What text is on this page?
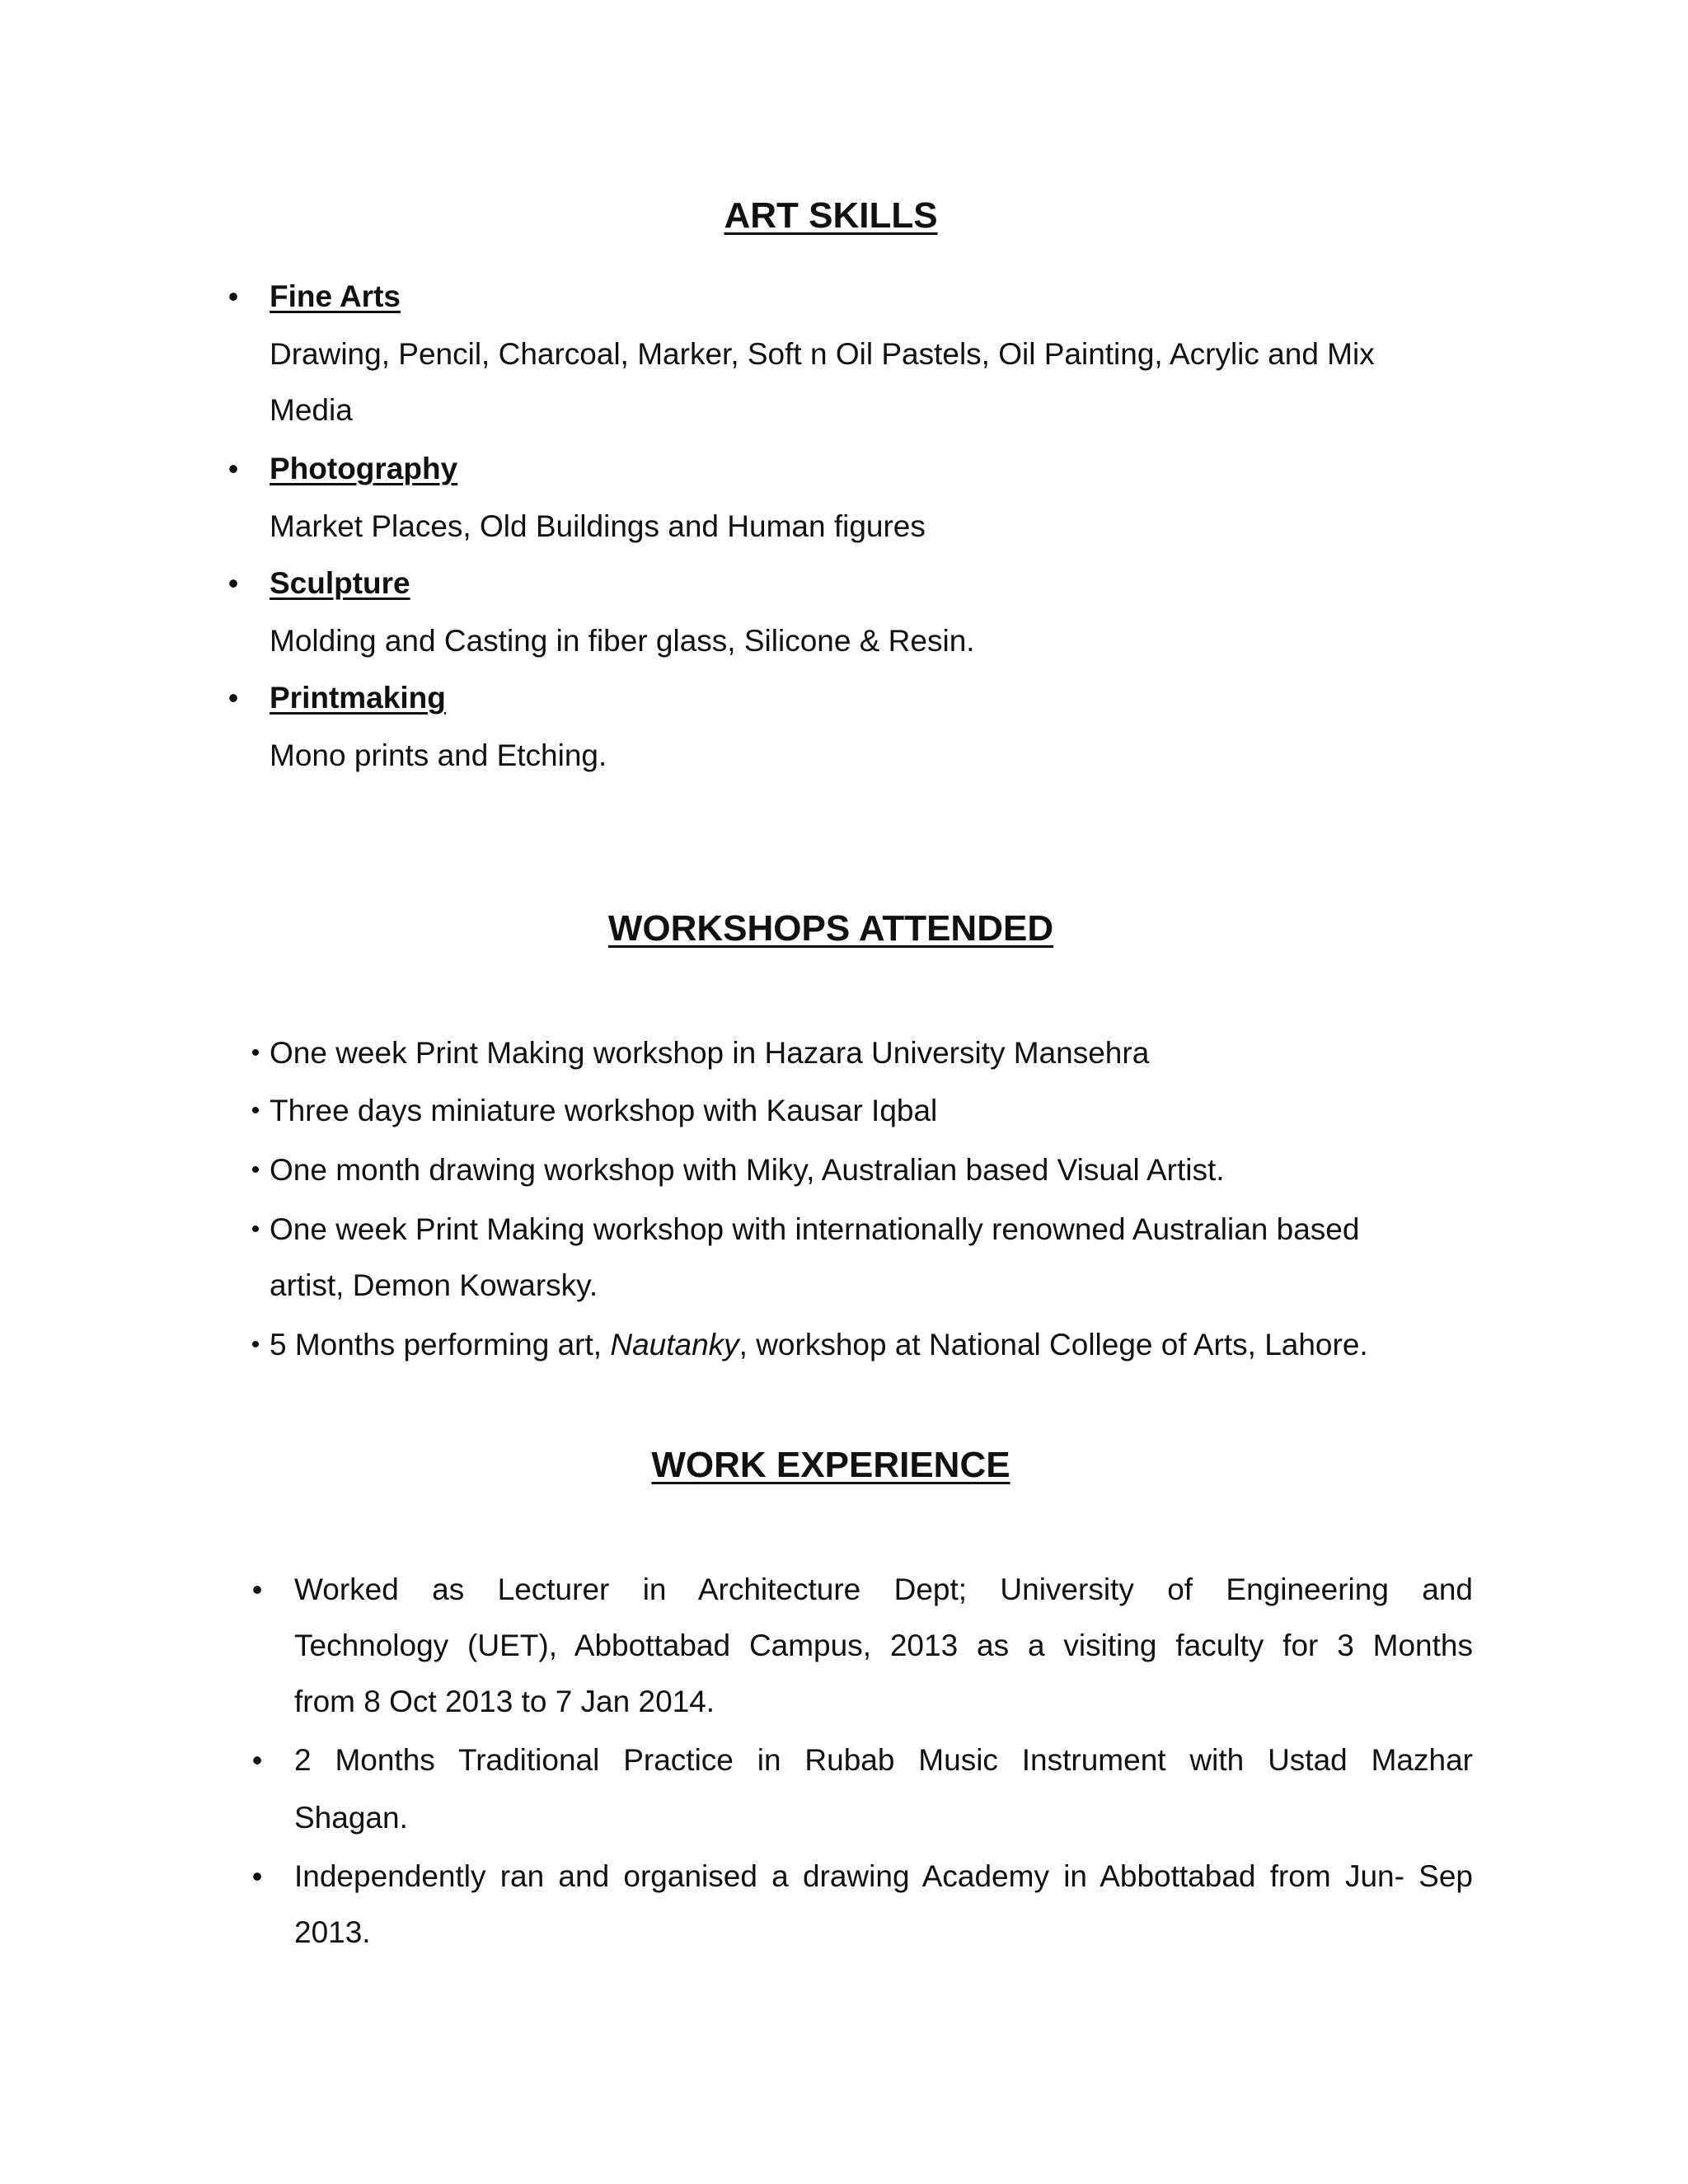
ART SKILLS
• Fine Arts
Drawing, Pencil, Charcoal, Marker, Soft n Oil Pastels, Oil Painting, Acrylic and Mix
Media
• Photography
Market Places, Old Buildings and Human figures
• Sculpture
Molding and Casting in fiber glass, Silicone & Resin.
• Printmaking
Mono prints and Etching.
WORKSHOPS ATTENDED
• One week Print Making workshop in Hazara University Mansehra
• Three days miniature workshop with Kausar Iqbal
• One month drawing workshop with Miky, Australian based Visual Artist.
• One week Print Making workshop with internationally renowned Australian based
artist, Demon Kowarsky.
• 5 Months performing art, Nautanky, workshop at National College of Arts, Lahore.
WORK EXPERIENCE
• Worked as Lecturer in Architecture Dept; University of Engineering and
Technology (UET), Abbottabad Campus, 2013 as a visiting faculty for 3 Months
from 8 Oct 2013 to 7 Jan 2014.
• 2 Months Traditional Practice in Rubab Music Instrument with Ustad Mazhar
Shagan.
• Independently ran and organised a drawing Academy in Abbottabad from Jun- Sep
2013.
